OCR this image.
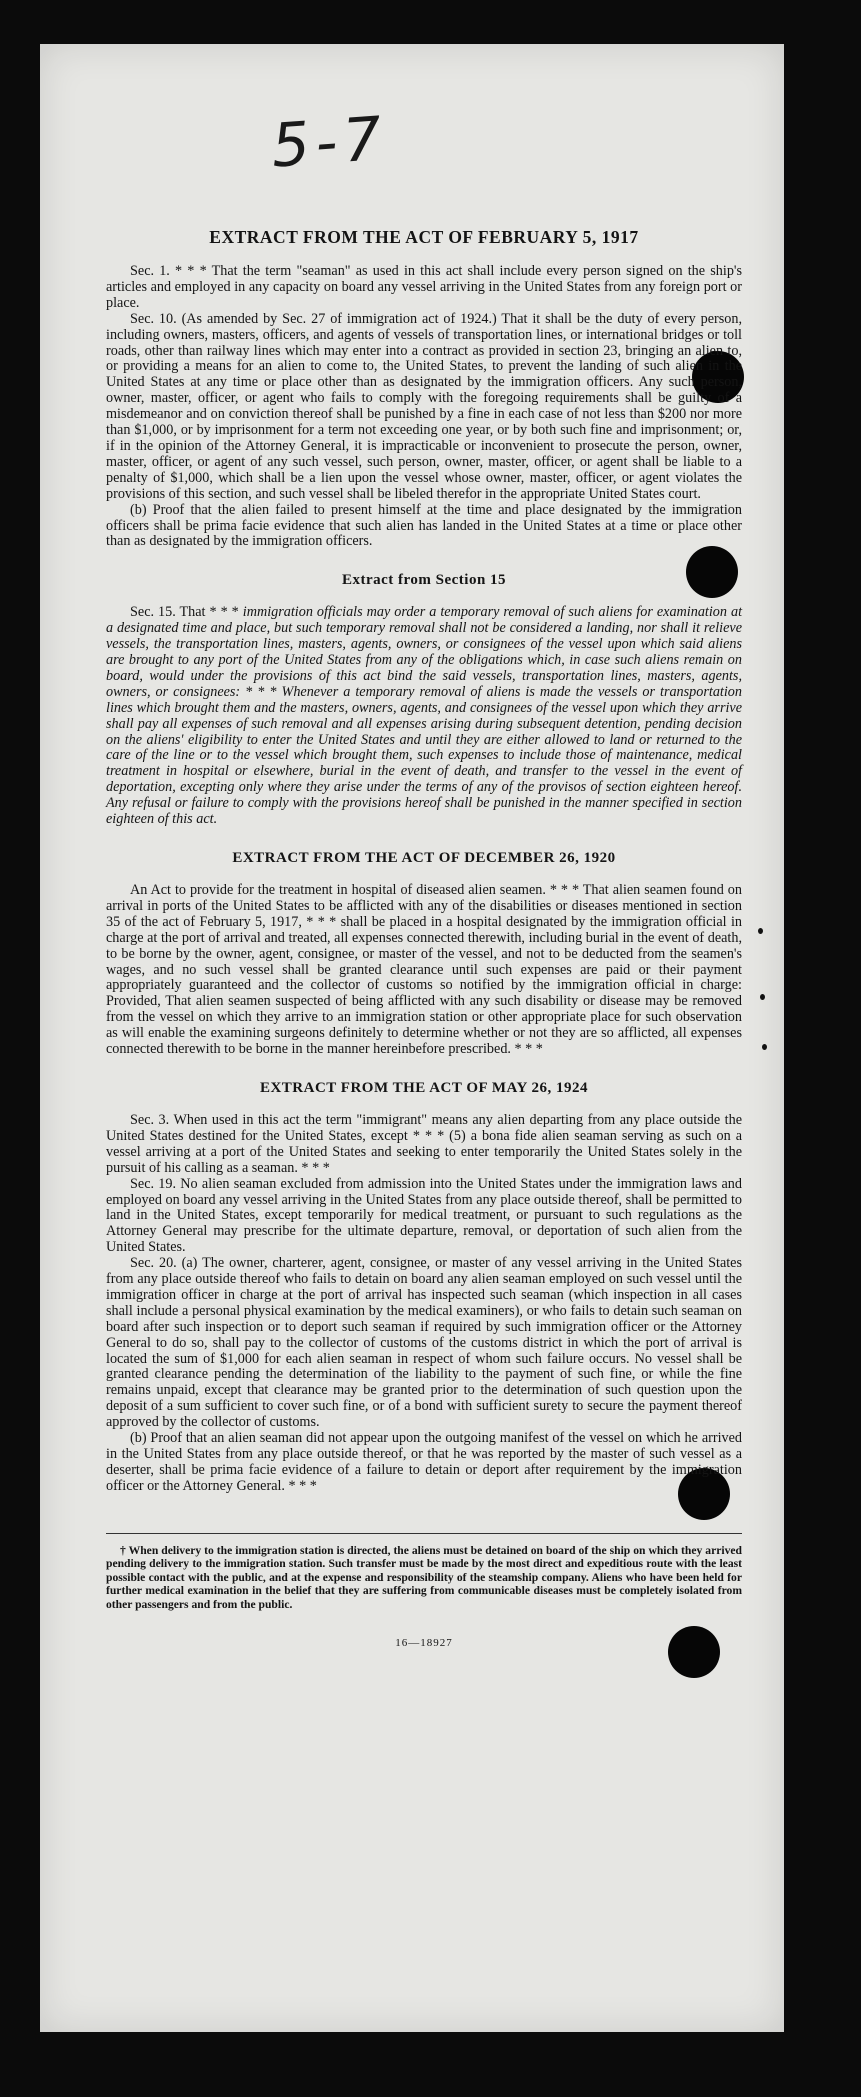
5-7
EXTRACT FROM THE ACT OF FEBRUARY 5, 1917

Sec. 1. * * * That the term "seaman" as used in this act shall include every person signed on the ship's articles and employed in any capacity on board any vessel arriving in the United States from any foreign port or place.

Sec. 10. (As amended by Sec. 27 of immigration act of 1924.) That it shall be the duty of every person, including owners, masters, officers, and agents of vessels of transportation lines, or international bridges or toll roads, other than railway lines which may enter into a contract as provided in section 23, bringing an alien to, or providing a means for an alien to come to, the United States, to prevent the landing of such alien in the United States at any time or place other than as designated by the immigration officers. Any such person, owner, master, officer, or agent who fails to comply with the foregoing requirements shall be guilty of a misdemeanor and on conviction thereof shall be punished by a fine in each case of not less than $200 nor more than $1,000, or by imprisonment for a term not exceeding one year, or by both such fine and imprisonment; or, if in the opinion of the Attorney General, it is impracticable or inconvenient to prosecute the person, owner, master, officer, or agent of any such vessel, such person, owner, master, officer, or agent shall be liable to a penalty of $1,000, which shall be a lien upon the vessel whose owner, master, officer, or agent violates the provisions of this section, and such vessel shall be libeled therefor in the appropriate United States court.

(b) Proof that the alien failed to present himself at the time and place designated by the immigration officers shall be prima facie evidence that such alien has landed in the United States at a time or place other than as designated by the immigration officers.

Extract from Section 15

Sec. 15. That * * * immigration officials may order a temporary removal of such aliens for examination at a designated time and place, but such temporary removal shall not be considered a landing, nor shall it relieve vessels, the transportation lines, masters, agents, owners, or consignees of the vessel upon which said aliens are brought to any port of the United States from any of the obligations which, in case such aliens remain on board, would under the provisions of this act bind the said vessels, transportation lines, masters, agents, owners, or consignees: * * * Whenever a temporary removal of aliens is made the vessels or transportation lines which brought them and the masters, owners, agents, and consignees of the vessel upon which they arrive shall pay all expenses of such removal and all expenses arising during subsequent detention, pending decision on the aliens' eligibility to enter the United States and until they are either allowed to land or returned to the care of the line or to the vessel which brought them, such expenses to include those of maintenance, medical treatment in hospital or elsewhere, burial in the event of death, and transfer to the vessel in the event of deportation, excepting only where they arise under the terms of any of the provisos of section eighteen hereof. Any refusal or failure to comply with the provisions hereof shall be punished in the manner specified in section eighteen of this act.

EXTRACT FROM THE ACT OF DECEMBER 26, 1920

An Act to provide for the treatment in hospital of diseased alien seamen. * * * That alien seamen found on arrival in ports of the United States to be afflicted with any of the disabilities or diseases mentioned in section 35 of the act of February 5, 1917, * * * shall be placed in a hospital designated by the immigration official in charge at the port of arrival and treated, all expenses connected therewith, including burial in the event of death, to be borne by the owner, agent, consignee, or master of the vessel, and not to be deducted from the seamen's wages, and no such vessel shall be granted clearance until such expenses are paid or their payment appropriately guaranteed and the collector of customs so notified by the immigration official in charge: Provided, That alien seamen suspected of being afflicted with any such disability or disease may be removed from the vessel on which they arrive to an immigration station or other appropriate place for such observation as will enable the examining surgeons definitely to determine whether or not they are so afflicted, all expenses connected therewith to be borne in the manner hereinbefore prescribed. * * *

EXTRACT FROM THE ACT OF MAY 26, 1924

Sec. 3. When used in this act the term "immigrant" means any alien departing from any place outside the United States destined for the United States, except * * * (5) a bona fide alien seaman serving as such on a vessel arriving at a port of the United States and seeking to enter temporarily the United States solely in the pursuit of his calling as a seaman. * * *

Sec. 19. No alien seaman excluded from admission into the United States under the immigration laws and employed on board any vessel arriving in the United States from any place outside thereof, shall be permitted to land in the United States, except temporarily for medical treatment, or pursuant to such regulations as the Attorney General may prescribe for the ultimate departure, removal, or deportation of such alien from the United States.

Sec. 20. (a) The owner, charterer, agent, consignee, or master of any vessel arriving in the United States from any place outside thereof who fails to detain on board any alien seaman employed on such vessel until the immigration officer in charge at the port of arrival has inspected such seaman (which inspection in all cases shall include a personal physical examination by the medical examiners), or who fails to detain such seaman on board after such inspection or to deport such seaman if required by such immigration officer or the Attorney General to do so, shall pay to the collector of customs of the customs district in which the port of arrival is located the sum of $1,000 for each alien seaman in respect of whom such failure occurs. No vessel shall be granted clearance pending the determination of the liability to the payment of such fine, or while the fine remains unpaid, except that clearance may be granted prior to the determination of such question upon the deposit of a sum sufficient to cover such fine, or of a bond with sufficient surety to secure the payment thereof approved by the collector of customs.

(b) Proof that an alien seaman did not appear upon the outgoing manifest of the vessel on which he arrived in the United States from any place outside thereof, or that he was reported by the master of such vessel as a deserter, shall be prima facie evidence of a failure to detain or deport after requirement by the immigration officer or the Attorney General. * * *

† When delivery to the immigration station is directed, the aliens must be detained on board of the ship on which they arrived pending delivery to the immigration station. Such transfer must be made by the most direct and expeditious route with the least possible contact with the public, and at the expense and responsibility of the steamship company. Aliens who have been held for further medical examination in the belief that they are suffering from communicable diseases must be completely isolated from other passengers and from the public.

16—18927
